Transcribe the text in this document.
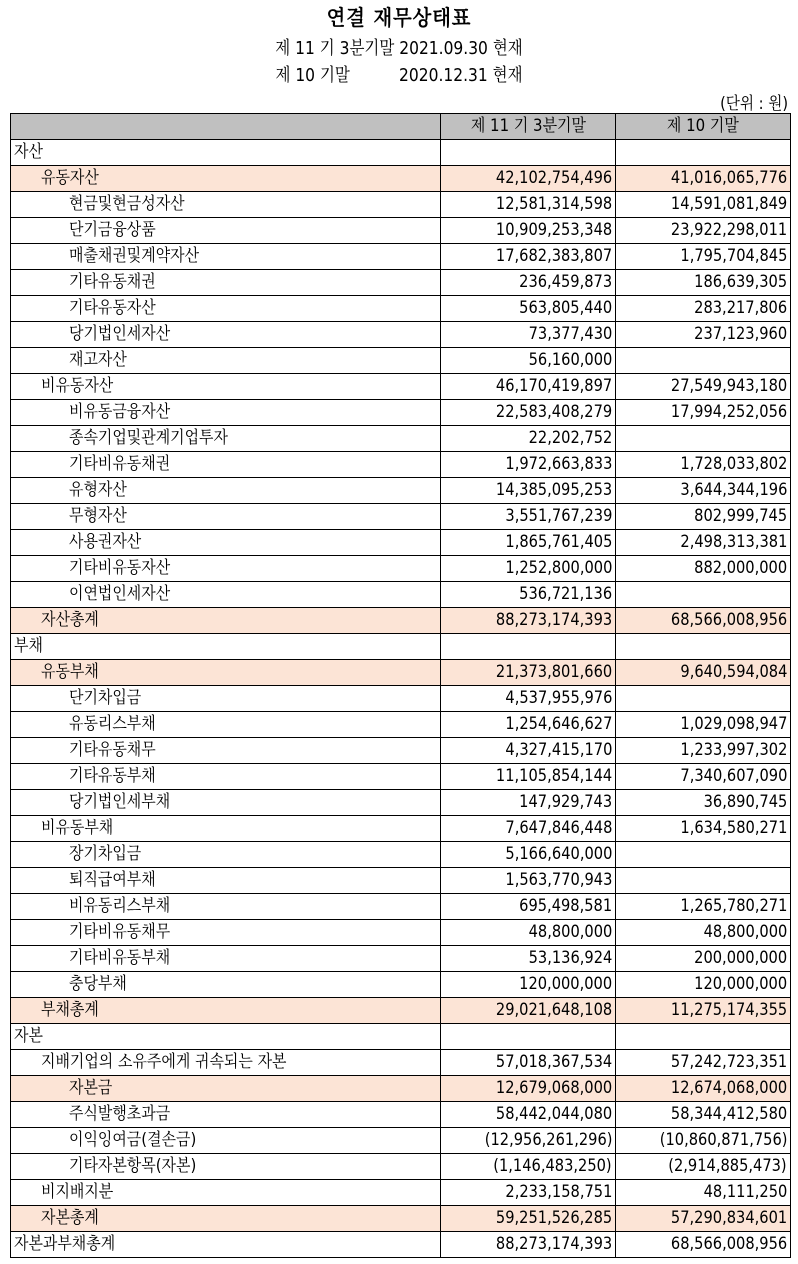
연결 재무상태표
제 11 기 3분기말 2021.09.30 현재
제 10 기말          2020.12.31 현재
(단위 : 원)
	제 11 기 3분기말	제 10 기말
자산		
유동자산	42,102,754,496	41,016,065,776
현금및현금성자산	12,581,314,598	14,591,081,849
단기금융상품	10,909,253,348	23,922,298,011
매출채권및계약자산	17,682,383,807	1,795,704,845
기타유동채권	236,459,873	186,639,305
기타유동자산	563,805,440	283,217,806
당기법인세자산	73,377,430	237,123,960
재고자산	56,160,000	
비유동자산	46,170,419,897	27,549,943,180
비유동금융자산	22,583,408,279	17,994,252,056
종속기업및관계기업투자	22,202,752	
기타비유동채권	1,972,663,833	1,728,033,802
유형자산	14,385,095,253	3,644,344,196
무형자산	3,551,767,239	802,999,745
사용권자산	1,865,761,405	2,498,313,381
기타비유동자산	1,252,800,000	882,000,000
이연법인세자산	536,721,136	
자산총계	88,273,174,393	68,566,008,956
부채		
유동부채	21,373,801,660	9,640,594,084
단기차입금	4,537,955,976	
유동리스부채	1,254,646,627	1,029,098,947
기타유동채무	4,327,415,170	1,233,997,302
기타유동부채	11,105,854,144	7,340,607,090
당기법인세부채	147,929,743	36,890,745
비유동부채	7,647,846,448	1,634,580,271
장기차입금	5,166,640,000	
퇴직급여부채	1,563,770,943	
비유동리스부채	695,498,581	1,265,780,271
기타비유동채무	48,800,000	48,800,000
기타비유동부채	53,136,924	200,000,000
충당부채	120,000,000	120,000,000
부채총계	29,021,648,108	11,275,174,355
자본		
지배기업의 소유주에게 귀속되는 자본	57,018,367,534	57,242,723,351
자본금	12,679,068,000	12,674,068,000
주식발행초과금	58,442,044,080	58,344,412,580
이익잉여금(결손금)	(12,956,261,296)	(10,860,871,756)
기타자본항목(자본)	(1,146,483,250)	(2,914,885,473)
비지배지분	2,233,158,751	48,111,250
자본총계	59,251,526,285	57,290,834,601
자본과부채총계	88,273,174,393	68,566,008,956
